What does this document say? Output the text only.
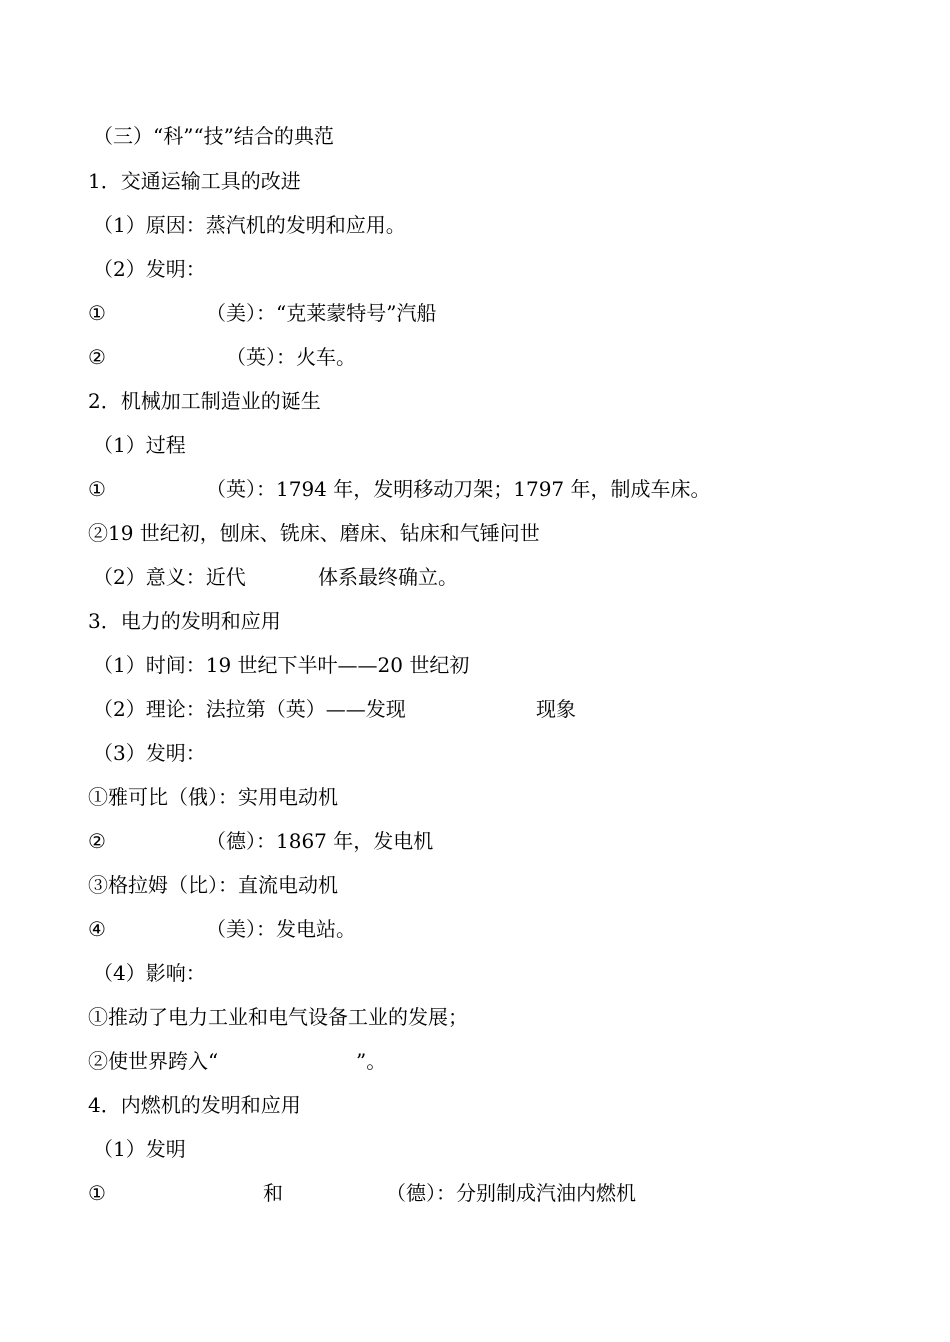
（三）“科”“技”结合的典范

1．交通运输工具的改进

（1）原因：蒸汽机的发明和应用。

（2）发明：

①

	（美）：“克莱蒙特号”汽船

②

	（英）：火车。

2．机械加工制造业的诞生

（1）过程

①

	（英）：1794 年，发明移动刀架；1797 年，制成车床。

②19 世纪初，刨床、铣床、磨床、钻床和气锤问世

（2）意义：近代

	体系最终确立。

3．电力的发明和应用

（1）时间：19 世纪下半叶——20 世纪初

（2）理论：法拉第（英）——发现

	现象

（3）发明：

①雅可比（俄）：实用电动机

②

	（德）：1867 年，发电机

③格拉姆（比）：直流电动机

④

	（美）：发电站。

（4）影响：

①推动了电力工业和电气设备工业的发展；

②使世界跨入“

	”。

4．内燃机的发明和应用

（1）发明

①

	和

	（德）：分别制成汽油内燃机
